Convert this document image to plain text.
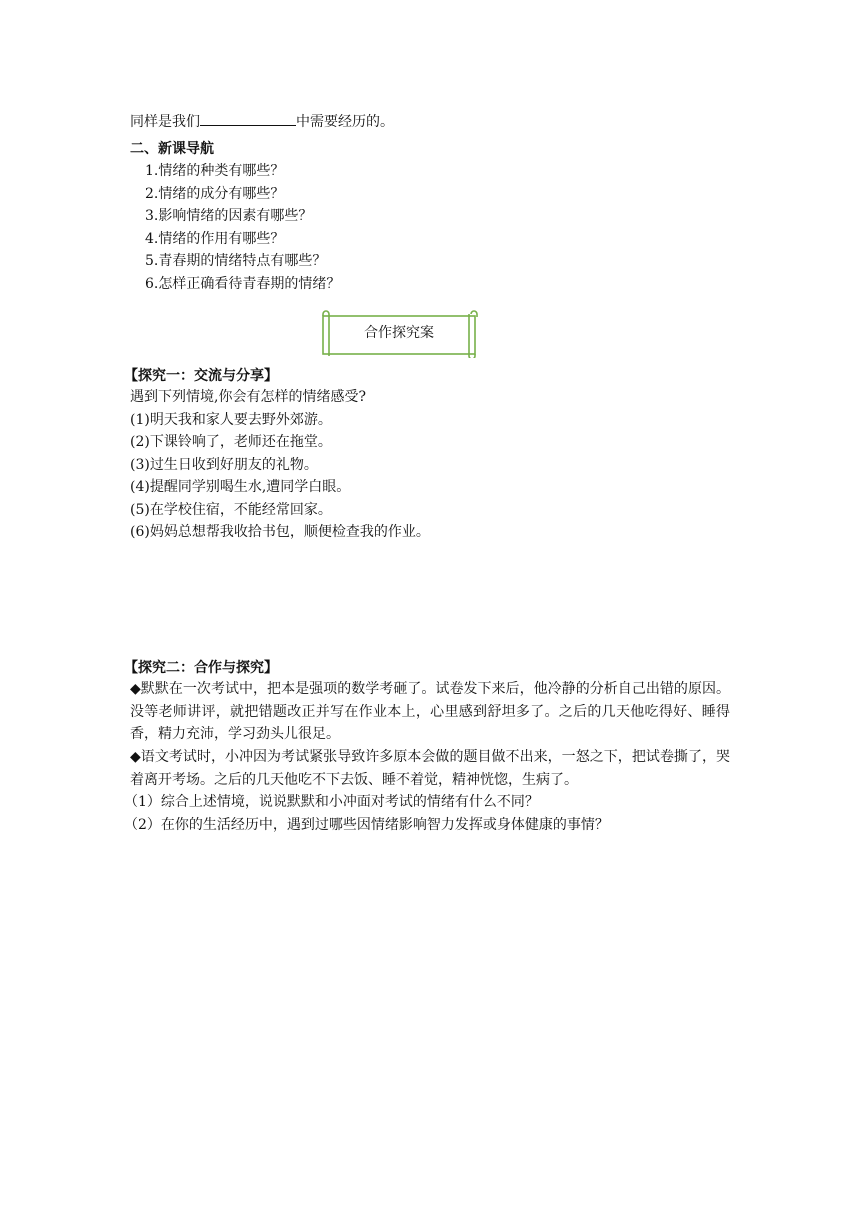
同样是我们	中需要经历的。
二、新课导航
1.情绪的种类有哪些？
2.情绪的成分有哪些？
3.影响情绪的因素有哪些？
4.情绪的作用有哪些？
5.青春期的情绪特点有哪些？
6.怎样正确看待青春期的情绪？
合作探究案
【探究一：交流与分享】
遇到下列情境,你会有怎样的情绪感受?
(1)明天我和家人要去野外郊游。
(2)下课铃响了，老师还在拖堂。
(3)过生日收到好朋友的礼物。
(4)提醒同学别喝生水,遭同学白眼。
(5)在学校住宿，不能经常回家。
(6)妈妈总想帮我收拾书包，顺便检查我的作业。
【探究二：合作与探究】
◆默默在一次考试中，把本是强项的数学考砸了。试卷发下来后，他冷静的分析自己出错的原因。没等老师讲评，就把错题改正并写在作业本上，心里感到舒坦多了。之后的几天他吃得好、睡得香，精力充沛，学习劲头儿很足。
◆语文考试时，小冲因为考试紧张导致许多原本会做的题目做不出来，一怒之下，把试卷撕了，哭着离开考场。之后的几天他吃不下去饭、睡不着觉，精神恍惚，生病了。
（1）综合上述情境，说说默默和小冲面对考试的情绪有什么不同？
（2）在你的生活经历中，遇到过哪些因情绪影响智力发挥或身体健康的事情？
